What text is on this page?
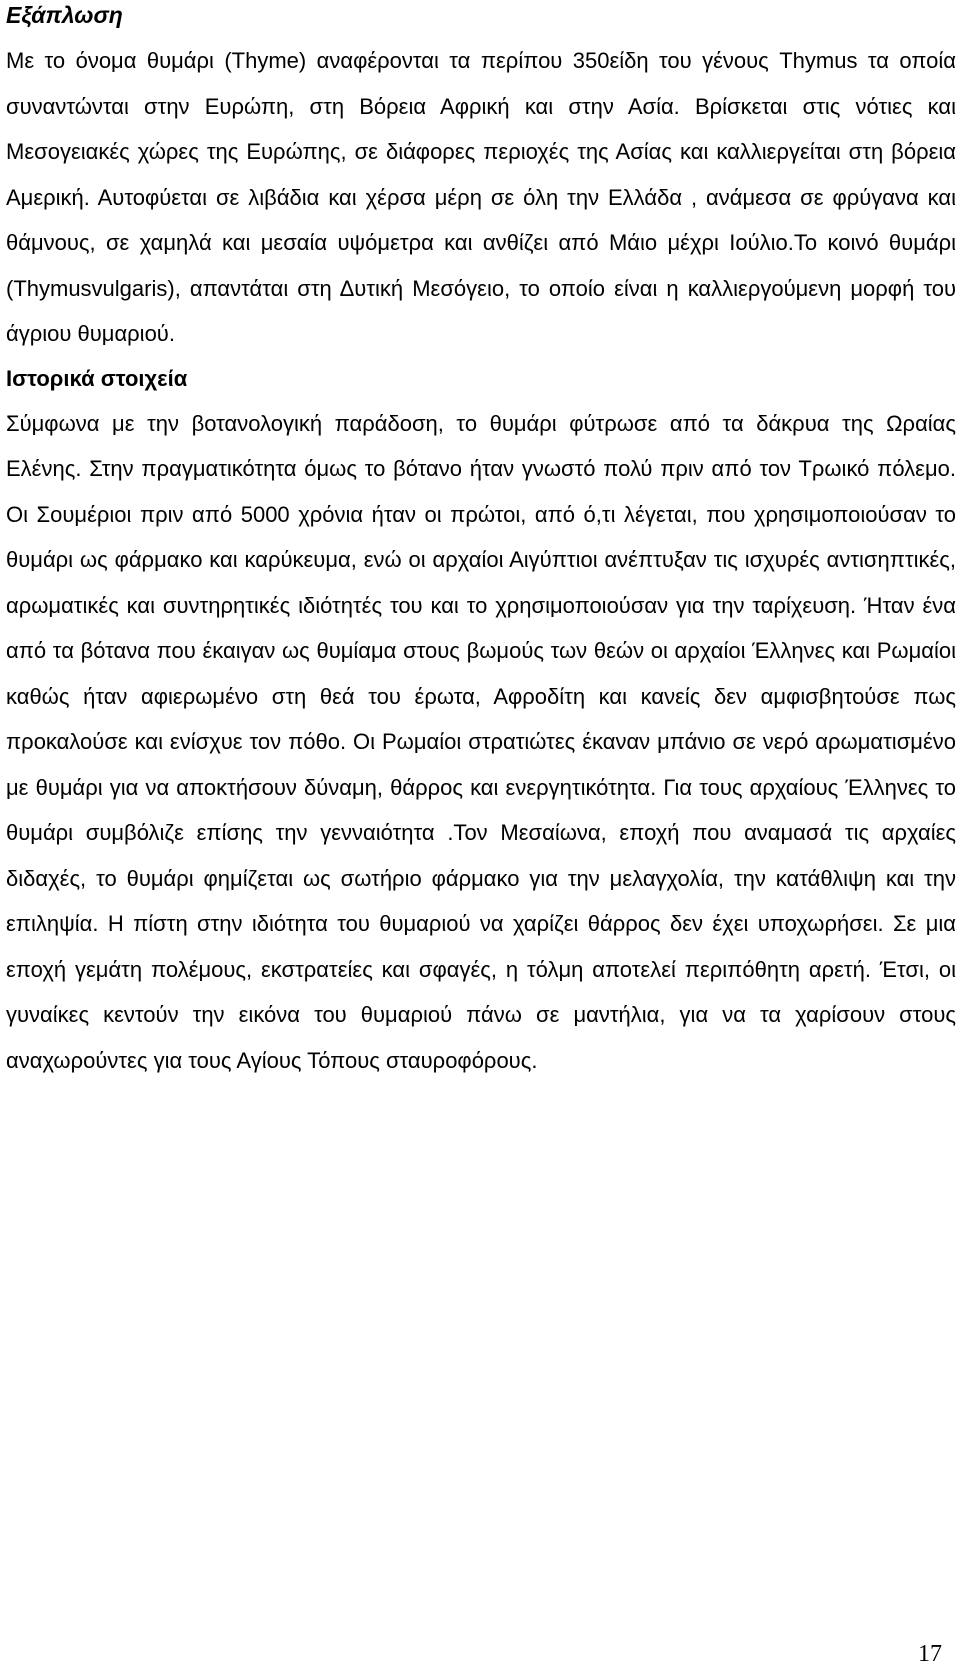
Εξάπλωση

Με το όνομα θυμάρι (Thyme) αναφέρονται τα περίπου 350είδη του γένους Thymus τα οποία συναντώνται στην Ευρώπη, στη Βόρεια Αφρική και στην Ασία. Βρίσκεται στις νότιες και Μεσογειακές χώρες της Ευρώπης, σε διάφορες περιοχές της Ασίας και καλλιεργείται στη βόρεια Αμερική. Αυτοφύεται σε λιβάδια και χέρσα μέρη σε όλη την Ελλάδα , ανάμεσα σε φρύγανα και θάμνους, σε χαμηλά και μεσαία υψόμετρα και ανθίζει από Μάιο μέχρι Ιούλιο.Το κοινό θυμάρι (Thymusvulgaris), απαντάται στη Δυτική Μεσόγειο, το οποίο είναι η καλλιεργούμενη μορφή του άγριου θυμαριού.

Ιστορικά στοιχεία

Σύμφωνα με την βοτανολογική παράδοση, το θυμάρι φύτρωσε από τα δάκρυα της Ωραίας Ελένης. Στην πραγματικότητα όμως το βότανο ήταν γνωστό πολύ πριν από τον Τρωικό πόλεμο. Οι Σουμέριοι πριν από 5000 χρόνια ήταν οι πρώτοι, από ό,τι λέγεται, που χρησιμοποιούσαν το θυμάρι ως φάρμακο και καρύκευμα, ενώ οι αρχαίοι Αιγύπτιοι ανέπτυξαν τις ισχυρές αντισηπτικές, αρωματικές και συντηρητικές ιδιότητές του και το χρησιμοποιούσαν για την ταρίχευση. Ήταν ένα από τα βότανα που έκαιγαν ως θυμίαμα στους βωμούς των θεών οι αρχαίοι Έλληνες και Ρωμαίοι καθώς ήταν αφιερωμένο στη θεά του έρωτα, Αφροδίτη και κανείς δεν αμφισβητούσε πως προκαλούσε και ενίσχυε τον πόθο. Οι Ρωμαίοι στρατιώτες έκαναν μπάνιο σε νερό αρωματισμένο με θυμάρι για να αποκτήσουν δύναμη, θάρρος και ενεργητικότητα. Για τους αρχαίους Έλληνες το θυμάρι συμβόλιζε επίσης την γενναιότητα .Τον Μεσαίωνα, εποχή που αναμασά τις αρχαίες διδαχές, το θυμάρι φημίζεται ως σωτήριο φάρμακο για την μελαγχολία, την κατάθλιψη και την επιληψία. Η πίστη στην ιδιότητα του θυμαριού να χαρίζει θάρρος δεν έχει υποχωρήσει. Σε μια εποχή γεμάτη πολέμους, εκστρατείες και σφαγές, η τόλμη αποτελεί περιπόθητη αρετή. Έτσι, οι γυναίκες κεντούν την εικόνα του θυμαριού πάνω σε μαντήλια, για να τα χαρίσουν στους αναχωρούντες για τους Αγίους Τόπους σταυροφόρους.

17
